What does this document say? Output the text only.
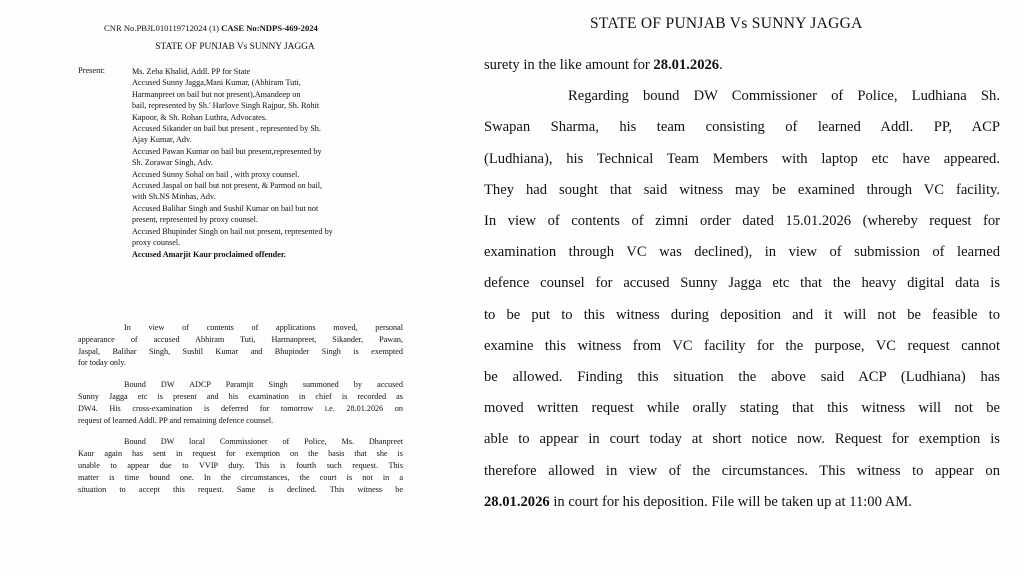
CNR No.PBJL010119712024 (1) CASE No:NDPS-469-2024
STATE OF PUNJAB Vs SUNNY JAGGA
Present:	Ms. Zeba Khalid, Addl. PP for State
Accused Sunny Jagga,Mani Kumar, (Abhiram Tuti,
Harmanpreet on bail but not present),Amandeep on
bail, represented by Sh.' Harlove Singh Rajpur, Sh. Rohit
Kapoor, & Sh. Rohan Luthra, Advocates.
Accused Sikander on bail but present , represented by Sh.
Ajay Kumar, Adv.
Accused Pawan Kumar on bail but present,represented by
Sh. Zorawar Singh, Adv.
Accused Sunny Sohal on bail , with proxy counsel.
Accused Jaspal on bail but not present, & Parmod on bail,
with Sh.NS Minhas, Adv.
Accused Balihar Singh and Sushil Kumar on bail but not
present, represented by proxy counsel.
Accused Bhupinder Singh on bail not present, represented by
proxy counsel.
Accused Amarjit Kaur proclaimed offender.
In view of contents of applications moved, personal
appearance of accused Abhiram Tuti, Harmanpreet, Sikander, Pawan,
Jaspal, Balihar Singh, Sushil Kumar and Bhupinder Singh is exempted
for today only.
Bound DW ADCP Paramjit Singh summoned by accused
Sunny Jagga etc is present and his examination in chief is recorded as
DW4. His cross-examination is deferred for tomorrow i.e. 28.01.2026 on
request of learned Addl. PP and remaining defence counsel.
Bound DW local Commissioner of Police, Ms. Dhanpreet
Kaur again has sent in request for exemption on the basis that she is
unable to appear due to VVIP duty. This is fourth such request. This
matter is time bound one. In the circumstances, the court is not in a
situation to accept this request. Same is declined. This witness be
STATE OF PUNJAB Vs SUNNY JAGGA
surety in the like amount for 28.01.2026.
Regarding bound DW Commissioner of Police, Ludhiana Sh.
Swapan Sharma, his team consisting of learned Addl. PP, ACP
(Ludhiana), his Technical Team Members with laptop etc have appeared.
They had sought that said witness may be examined through VC facility.
In view of contents of zimni order dated 15.01.2026 (whereby request for
examination through VC was declined), in view of submission of learned
defence counsel for accused Sunny Jagga etc that the heavy digital data is
to be put to this witness during deposition and it will not be feasible to
examine this witness from VC facility for the purpose, VC request cannot
be allowed. Finding this situation the above said ACP (Ludhiana) has
moved written request while orally stating that this witness will not be
able to appear in court today at short notice now. Request for exemption is
therefore allowed in view of the circumstances. This witness to appear on
28.01.2026 in court for his deposition. File will be taken up at 11:00 AM.
